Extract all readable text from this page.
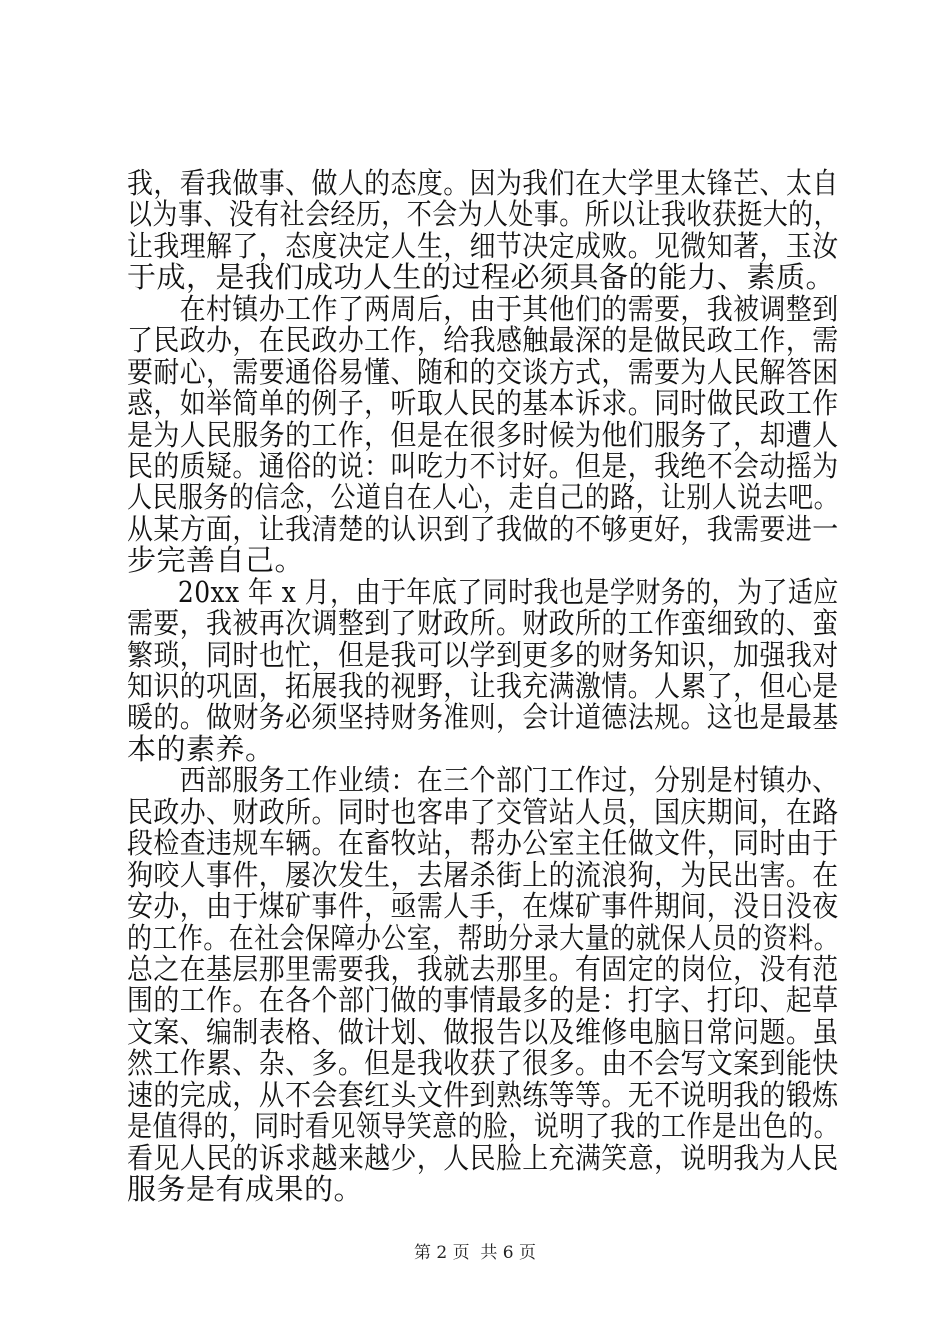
我，看我做事、做人的态度。因为我们在大学里太锋芒、太自
以为事、没有社会经历，不会为人处事。所以让我收获挺大的，
让我理解了，态度决定人生，细节决定成败。见微知著，玉汝
于成，是我们成功人生的过程必须具备的能力、素质。
　　在村镇办工作了两周后，由于其他们的需要，我被调整到
了民政办，在民政办工作，给我感触最深的是做民政工作，需
要耐心，需要通俗易懂、随和的交谈方式，需要为人民解答困
惑，如举简单的例子，听取人民的基本诉求。同时做民政工作
是为人民服务的工作，但是在很多时候为他们服务了，却遭人
民的质疑。通俗的说：叫吃力不讨好。但是，我绝不会动摇为
人民服务的信念，公道自在人心，走自己的路，让别人说去吧。
从某方面，让我清楚的认识到了我做的不够更好，我需要进一
步完善自己。
　　20xx 年 x 月，由于年底了同时我也是学财务的，为了适应
需要，我被再次调整到了财政所。财政所的工作蛮细致的、蛮
繁琐，同时也忙，但是我可以学到更多的财务知识，加强我对
知识的巩固，拓展我的视野，让我充满激情。人累了，但心是
暖的。做财务必须坚持财务准则，会计道德法规。这也是最基
本的素养。
　　西部服务工作业绩：在三个部门工作过，分别是村镇办、
民政办、财政所。同时也客串了交管站人员，国庆期间，在路
段检查违规车辆。在畜牧站，帮办公室主任做文件，同时由于
狗咬人事件，屡次发生，去屠杀街上的流浪狗，为民出害。在
安办，由于煤矿事件，亟需人手，在煤矿事件期间，没日没夜
的工作。在社会保障办公室，帮助分录大量的就保人员的资料。
总之在基层那里需要我，我就去那里。有固定的岗位，没有范
围的工作。在各个部门做的事情最多的是：打字、打印、起草
文案、编制表格、做计划、做报告以及维修电脑日常问题。虽
然工作累、杂、多。但是我收获了很多。由不会写文案到能快
速的完成，从不会套红头文件到熟练等等。无不说明我的锻炼
是值得的，同时看见领导笑意的脸，说明了我的工作是出色的。
看见人民的诉求越来越少，人民脸上充满笑意，说明我为人民
服务是有成果的。
第 2 页  共 6 页
